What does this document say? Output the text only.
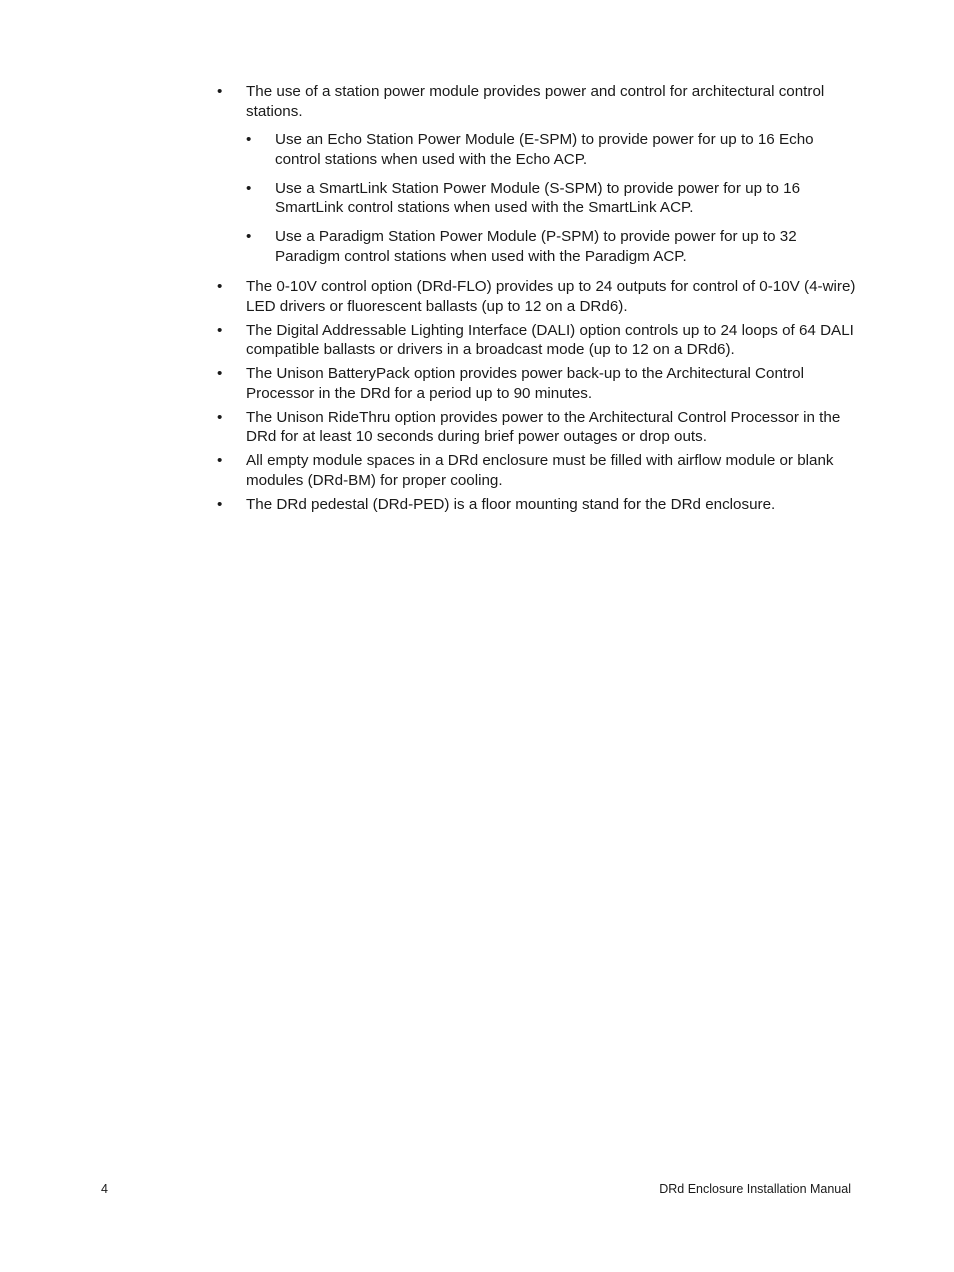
• The use of a station power module provides power and control for architectural control stations.
• Use an Echo Station Power Module (E-SPM) to provide power for up to 16 Echo control stations when used with the Echo ACP.
• Use a SmartLink Station Power Module (S-SPM) to provide power for up to 16 SmartLink control stations when used with the SmartLink ACP.
• Use a Paradigm Station Power Module (P-SPM) to provide power for up to 32 Paradigm control stations when used with the Paradigm ACP.
• The 0-10V control option (DRd-FLO) provides up to 24 outputs for control of 0-10V (4-wire) LED drivers or fluorescent ballasts (up to 12 on a DRd6).
• The Digital Addressable Lighting Interface (DALI) option controls up to 24 loops of 64 DALI compatible ballasts or drivers in a broadcast mode (up to 12 on a DRd6).
• The Unison BatteryPack option provides power back-up to the Architectural Control Processor in the DRd for a period up to 90 minutes.
• The Unison RideThru option provides power to the Architectural Control Processor in the DRd for at least 10 seconds during brief power outages or drop outs.
• All empty module spaces in a DRd enclosure must be filled with airflow module or blank modules (DRd-BM) for proper cooling.
• The DRd pedestal (DRd-PED) is a floor mounting stand for the DRd enclosure.
4	DRd Enclosure Installation Manual
